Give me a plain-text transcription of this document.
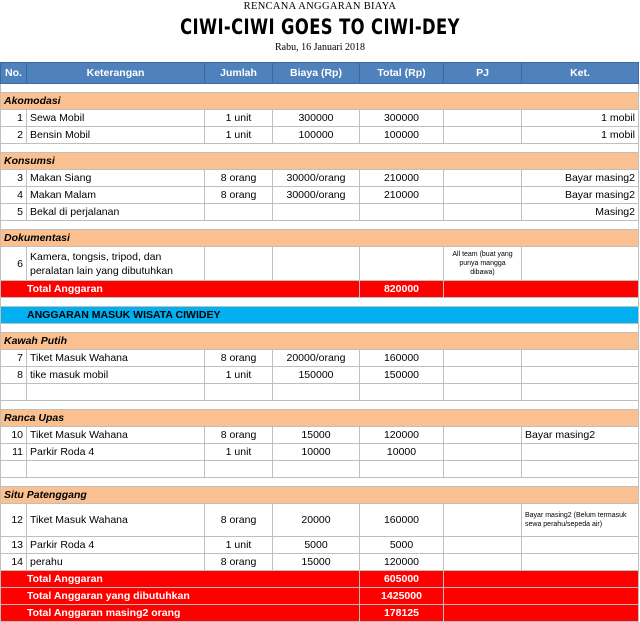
RENCANA ANGGARAN BIAYA
CIWI-CIWI GOES TO CIWI-DEY
Rabu, 16 Januari 2018
No.	Keterangan	Jumlah	Biaya (Rp)	Total (Rp)	PJ	Ket.

Akomodasi						
1	Sewa Mobil	1 unit	300000	300000		1 mobil
2	Bensin Mobil	1 unit	100000	100000		1 mobil

Konsumsi						
3	Makan Siang	8 orang	30000/orang	210000		Bayar masing2
4	Makan Malam	8 orang	30000/orang	210000		Bayar masing2
5	Bekal di perjalanan					Masing2

Dokumentasi						
6	Kamera, tongsis, tripod, dan peralatan lain yang dibutuhkan				All team (buat yang punya mangga dibawa)	
Total Anggaran				820000		

ANGGARAN MASUK WISATA CIWIDEY						

Kawah Putih						
7	Tiket Masuk Wahana	8 orang	20000/orang	160000		
8	tike masuk mobil	1 unit	150000	150000		

Ranca Upas						
10	Tiket Masuk Wahana	8 orang	15000	120000		Bayar masing2
11	Parkir Roda 4	1 unit	10000	10000		

Situ Patenggang						
12	Tiket Masuk Wahana	8 orang	20000	160000		Bayar masing2 (Belum termasuk sewa perahu/sepeda air)
13	Parkir Roda 4	1 unit	5000	5000		
14	perahu	8 orang	15000	120000		
Total Anggaran				605000		
Total Anggaran yang dibutuhkan				1425000		
Total Anggaran masing2 orang				178125		
